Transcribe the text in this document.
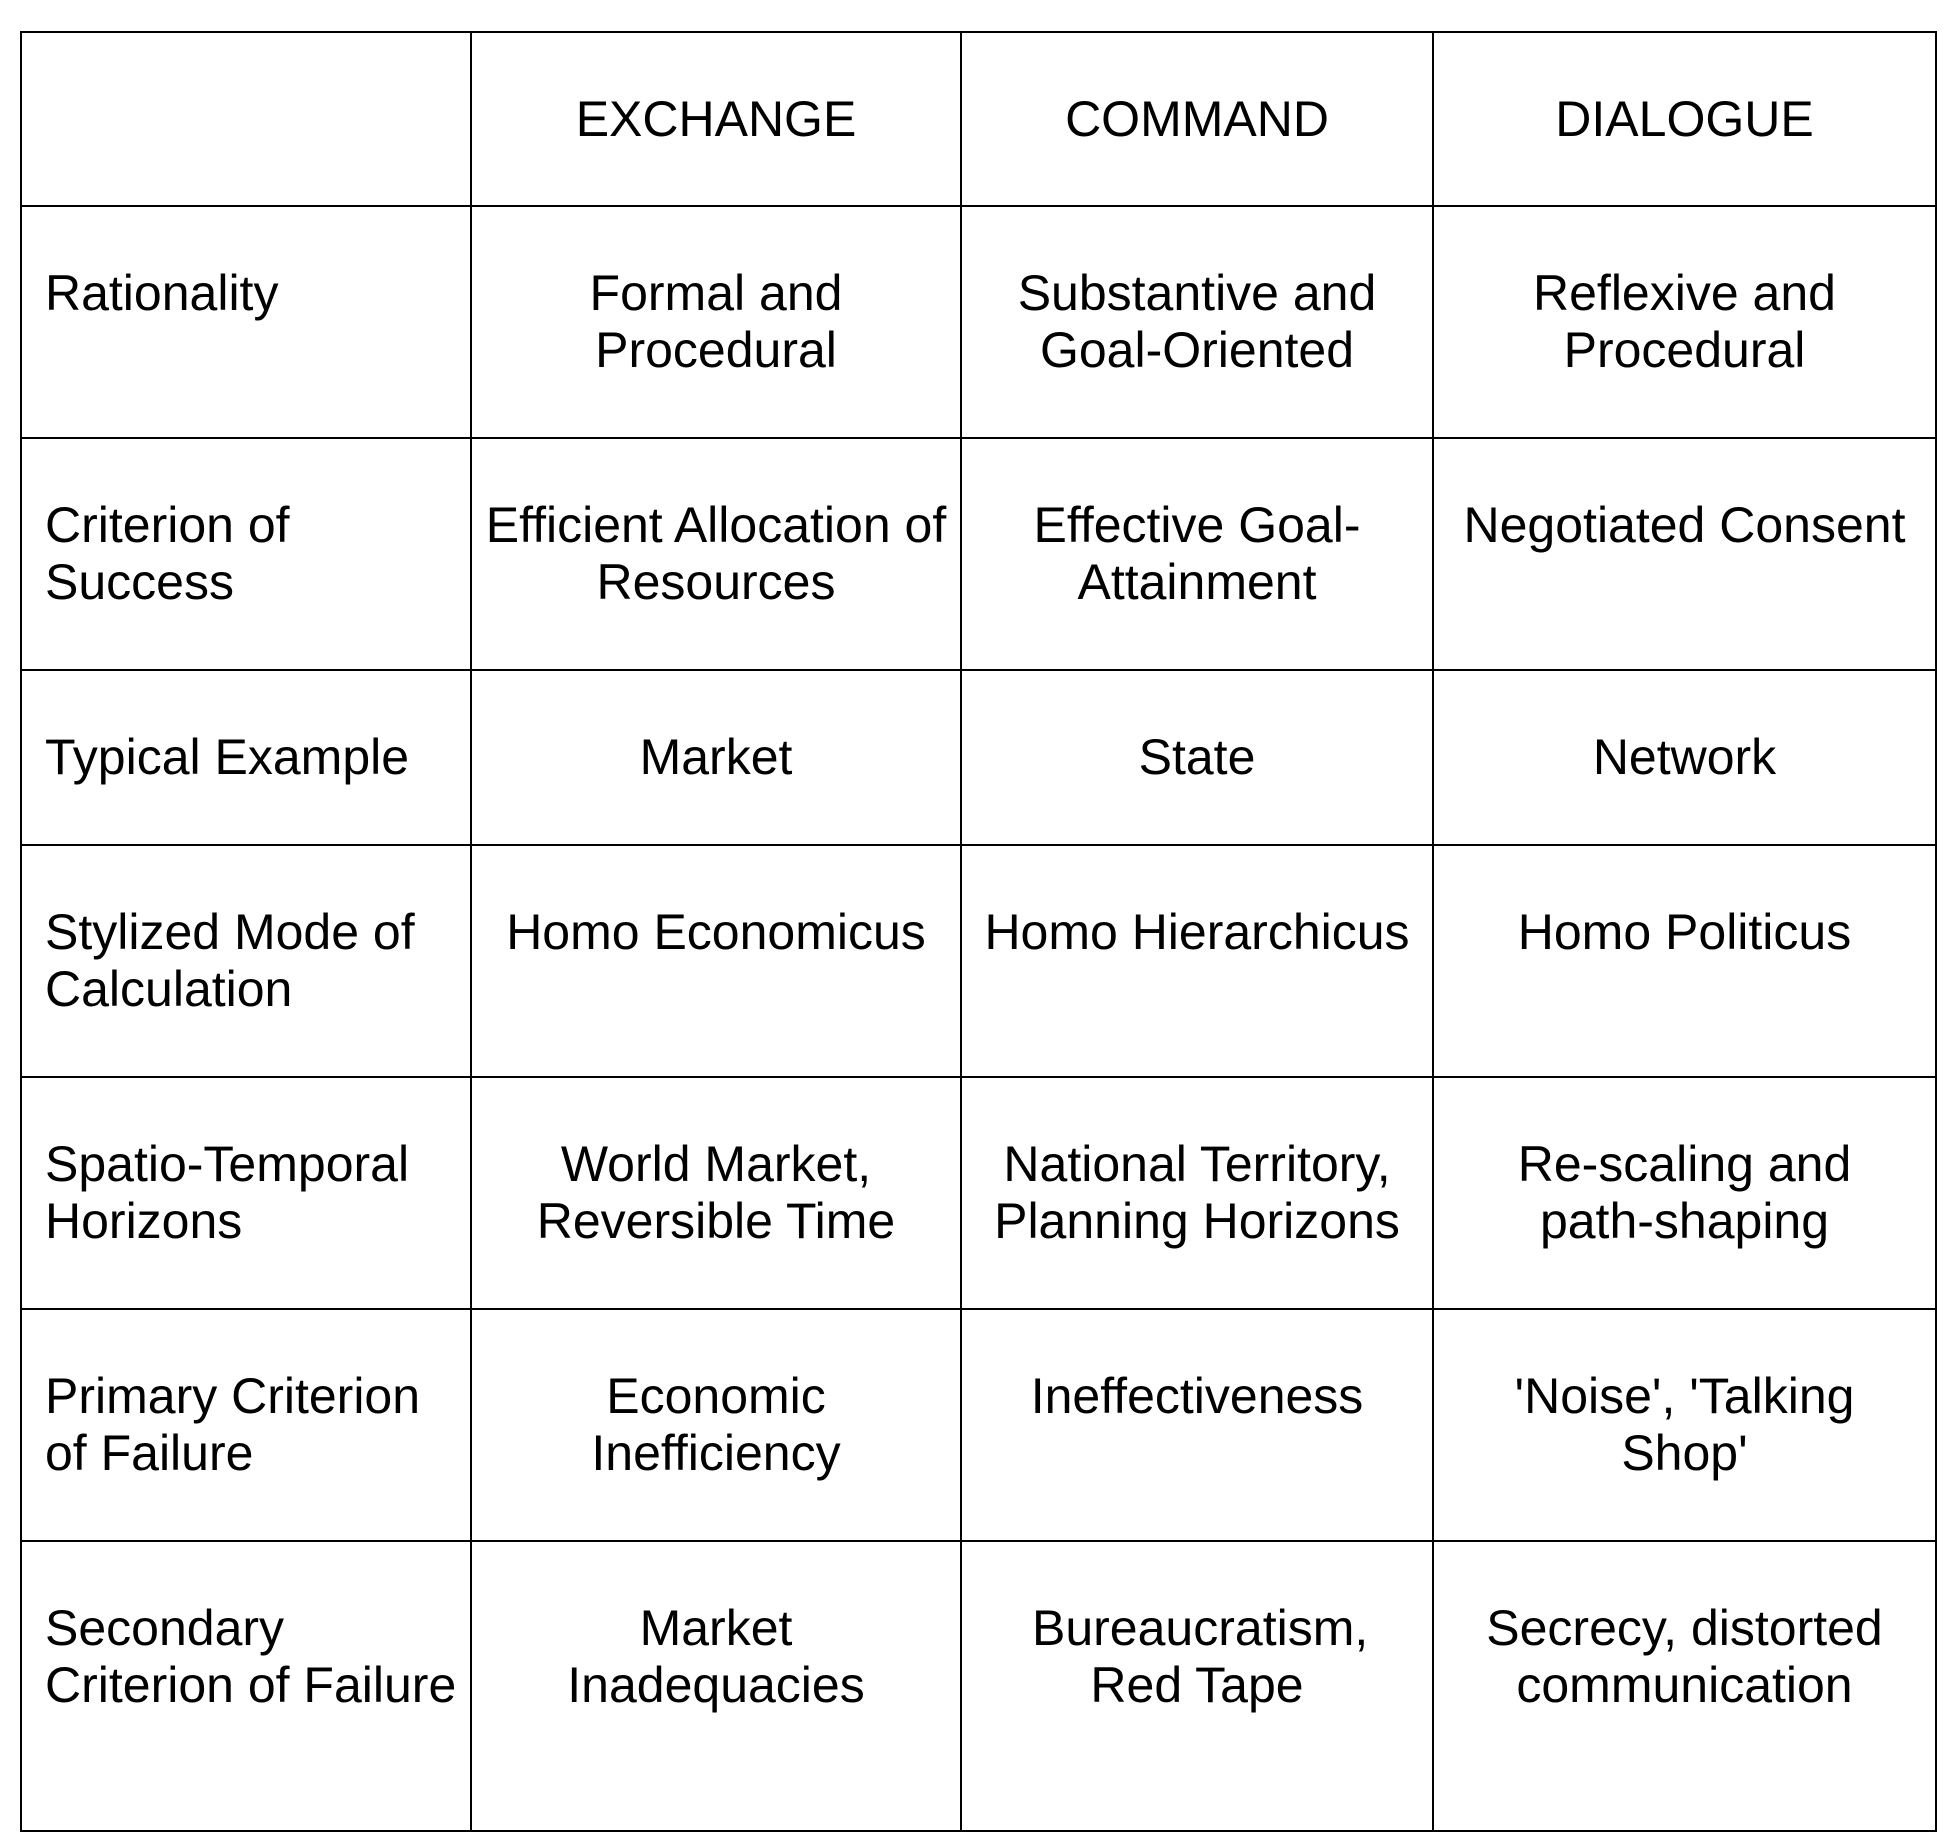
	EXCHANGE	COMMAND	DIALOGUE
Rationality	Formal and Procedural	Substantive and Goal-Oriented	Reflexive and Procedural
Criterion of Success	Efficient Allocation of Resources	Effective Goal-Attainment	Negotiated Consent
Typical Example	Market	State	Network
Stylized Mode of Calculation	Homo Economicus	Homo Hierarchicus	Homo Politicus
Spatio-Temporal Horizons	World Market, Reversible Time	National Territory, Planning Horizons	Re-scaling and path-shaping
Primary Criterion of Failure	Economic Inefficiency	Ineffectiveness	'Noise', 'Talking Shop'
Secondary Criterion of Failure	Market Inadequacies	Bureaucratism, Red Tape	Secrecy, distorted communication
